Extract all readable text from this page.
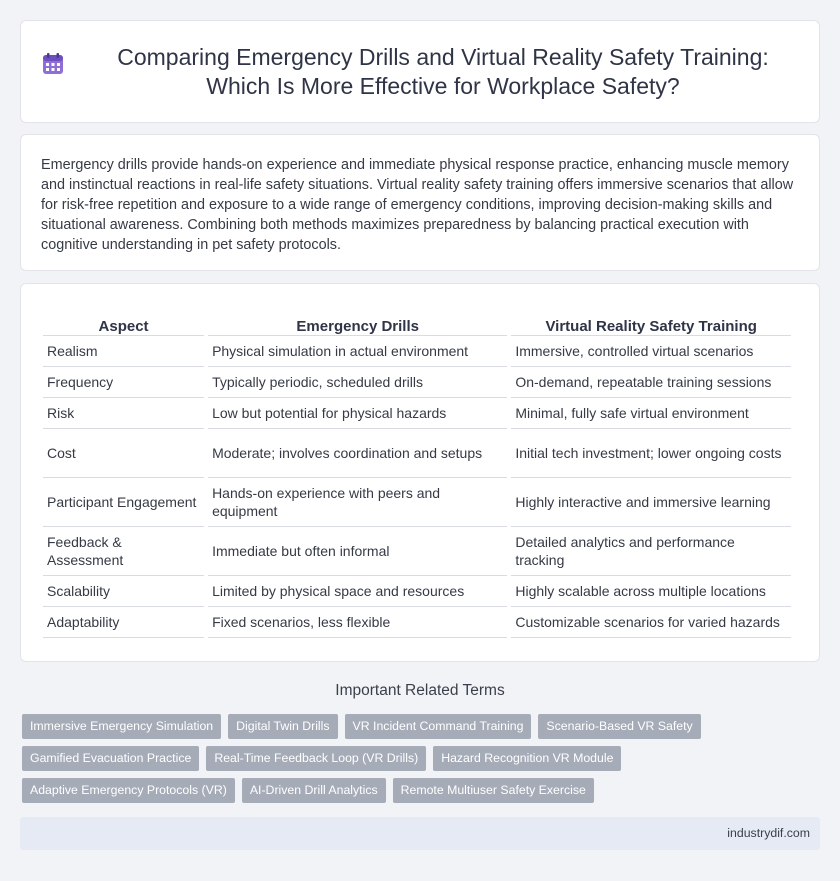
Comparing Emergency Drills and Virtual Reality Safety Training: Which Is More Effective for Workplace Safety?

Emergency drills provide hands-on experience and immediate physical response practice, enhancing muscle memory and instinctual reactions in real-life safety situations. Virtual reality safety training offers immersive scenarios that allow for risk-free repetition and exposure to a wide range of emergency conditions, improving decision-making skills and situational awareness. Combining both methods maximizes preparedness by balancing practical execution with cognitive understanding in pet safety protocols.

Aspect	Emergency Drills	Virtual Reality Safety Training
Realism	Physical simulation in actual environment	Immersive, controlled virtual scenarios
Frequency	Typically periodic, scheduled drills	On-demand, repeatable training sessions
Risk	Low but potential for physical hazards	Minimal, fully safe virtual environment
Cost	Moderate; involves coordination and setups	Initial tech investment; lower ongoing costs
Participant Engagement	Hands-on experience with peers and equipment	Highly interactive and immersive learning
Feedback & Assessment	Immediate but often informal	Detailed analytics and performance tracking
Scalability	Limited by physical space and resources	Highly scalable across multiple locations
Adaptability	Fixed scenarios, less flexible	Customizable scenarios for varied hazards
Important Related Terms
Immersive Emergency Simulation	Digital Twin Drills	VR Incident Command Training	Scenario-Based VR Safety
Gamified Evacuation Practice	Real-Time Feedback Loop (VR Drills)	Hazard Recognition VR Module
Adaptive Emergency Protocols (VR)	AI-Driven Drill Analytics	Remote Multiuser Safety Exercise
industrydif.com
